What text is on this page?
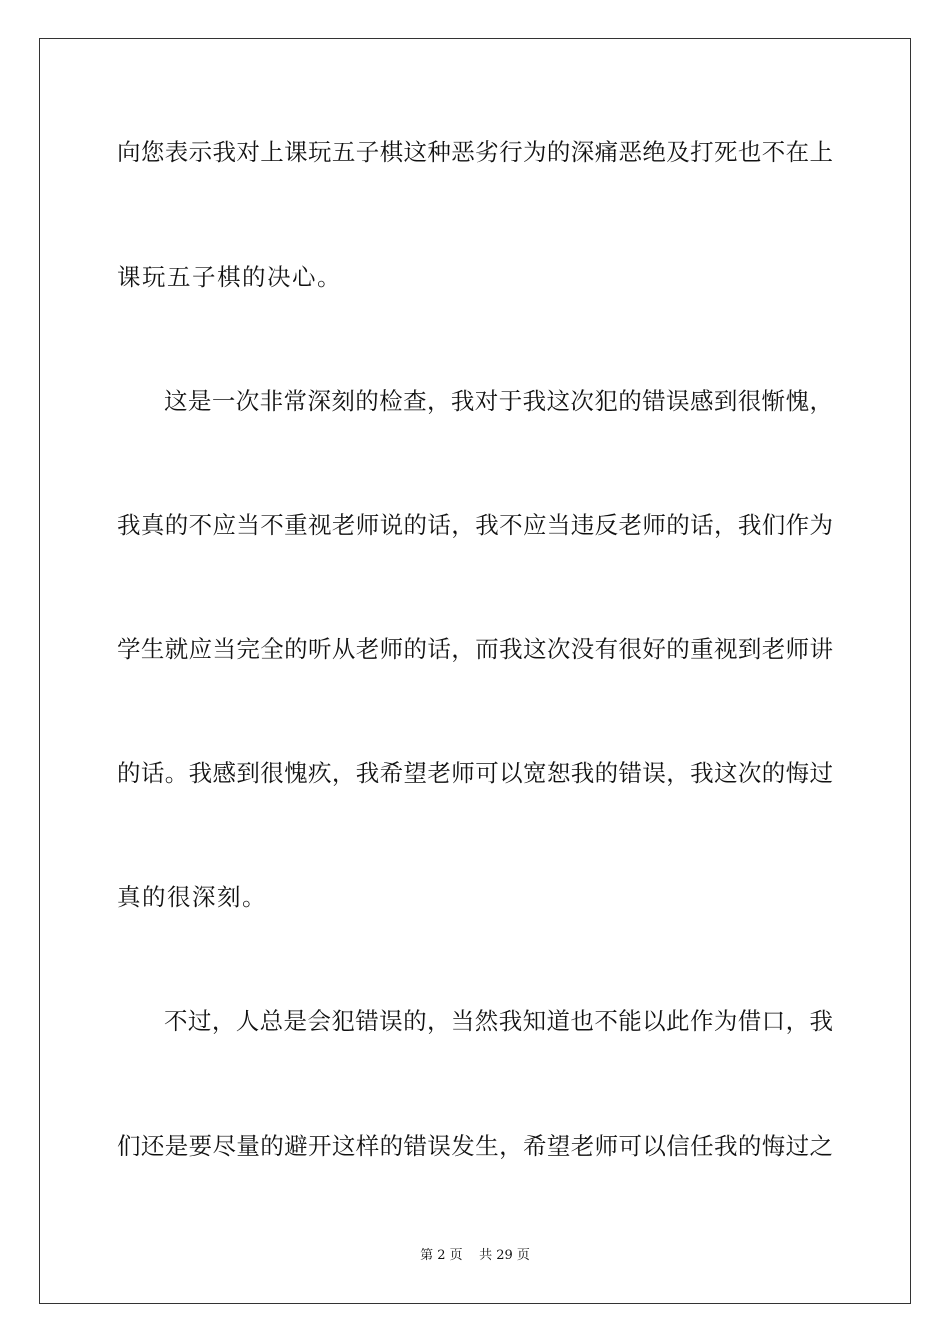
向您表示我对上课玩五子棋这种恶劣行为的深痛恶绝及打死也不在上
课玩五子棋的决心。
这是一次非常深刻的检查，我对于我这次犯的错误感到很惭愧，
我真的不应当不重视老师说的话，我不应当违反老师的话，我们作为
学生就应当完全的听从老师的话，而我这次没有很好的重视到老师讲
的话。我感到很愧疚，我希望老师可以宽恕我的错误，我这次的悔过
真的很深刻。
不过，人总是会犯错误的，当然我知道也不能以此作为借口，我
们还是要尽量的避开这样的错误发生，希望老师可以信任我的悔过之
第 2 页    共 29 页
